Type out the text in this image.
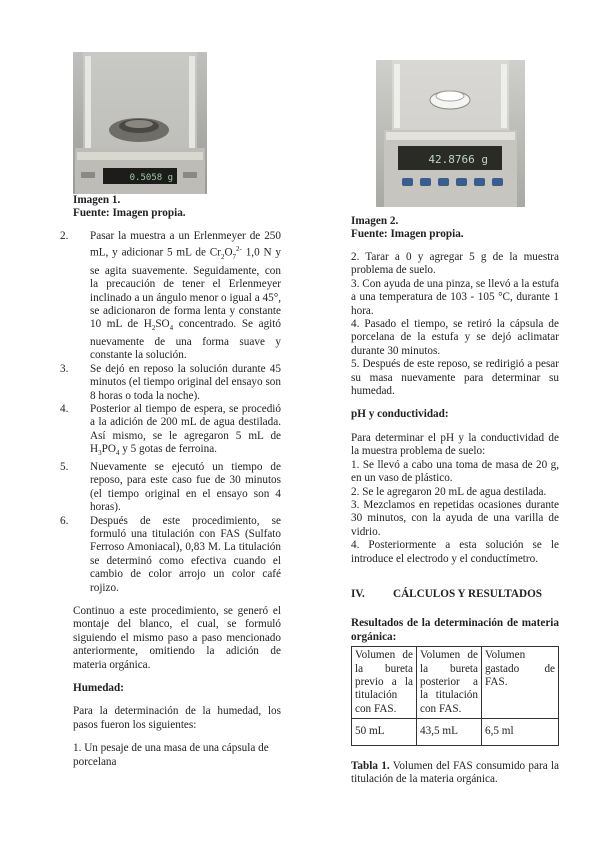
0.5058 g
Imagen 1.
Fuente: Imagen propia.
2. Pasar la muestra a un Erlenmeyer de 250 mL, y adicionar 5 mL de $Cr_2O_7^{2-}$ 1,0 N y se agita suavemente. Seguidamente, con la precaución de tener el Erlenmeyer inclinado a un ángulo menor o igual a 45°, se adicionaron de forma lenta y constante 10 mL de $H_2SO_4$ concentrado. Se agitó nuevamente de una forma suave y constante la solución.
3. Se dejó en reposo la solución durante 45 minutos (el tiempo original del ensayo son 8 horas o toda la noche).
4. Posterior al tiempo de espera, se procedió a la adición de 200 mL de agua destilada. Así mismo, se le agregaron 5 mL de $H_3PO_4$ y 5 gotas de ferroina.
5. Nuevamente se ejecutó un tiempo de reposo, para este caso fue de 30 minutos (el tiempo original en el ensayo son 4 horas).
6. Después de este procedimiento, se formuló una titulación con FAS (Sulfato Ferroso Amoniacal), 0,83 M. La titulación se determinó como efectiva cuando el cambio de color arrojo un color café rojizo.

Continuo a este procedimiento, se generó el montaje del blanco, el cual, se formuló siguiendo el mismo paso a paso mencionado anteriormente, omitiendo la adición de materia orgánica.

Humedad:

Para la determinación de la humedad, los pasos fueron los siguientes:

1. Un pesaje de una masa de una cápsula de porcelana

42.8766 g
Imagen 2.
Fuente: Imagen propia.

2. Tarar a 0 y agregar 5 g de la muestra problema de suelo.

3. Con ayuda de una pinza, se llevó a la estufa a una temperatura de 103 - 105 °C, durante 1 hora.

4. Pasado el tiempo, se retiró la cápsula de porcelana de la estufa y se dejó aclimatar durante 30 minutos.

5. Después de este reposo, se redirigió a pesar su masa nuevamente para determinar su humedad.

pH y conductividad:

Para determinar el pH y la conductividad de la muestra problema de suelo:

1. Se llevó a cabo una toma de masa de 20 g, en un vaso de plástico.

2. Se le agregaron 20 mL de agua destilada.

3. Mezclamos en repetidas ocasiones durante 30 minutos, con la ayuda de una varilla de vidrio.

4. Posteriormente a esta solución se le introduce el electrodo y el conductímetro.

IV.	CÁLCULOS Y RESULTADOS

Resultados de la determinación de materia orgánica:

Volumen de la bureta previo a la titulación con FAS.	Volumen de la bureta posterior a la titulación con FAS.	Volumen gastado de FAS.
50 mL	43,5 mL	6,5 ml

Tabla 1. Volumen del FAS consumido para la titulación de la materia orgánica.
